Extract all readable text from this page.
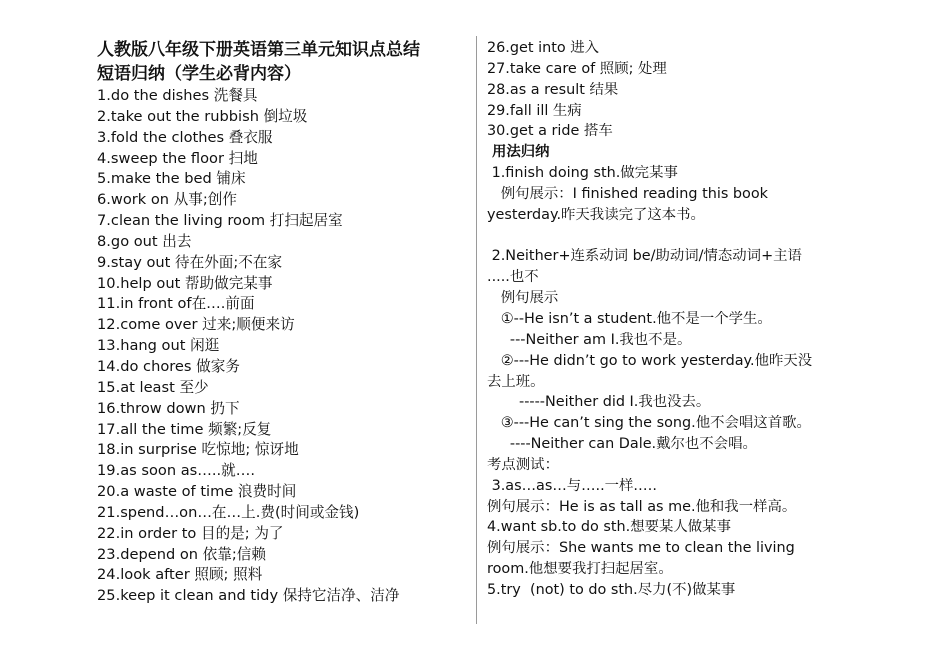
人教版八年级下册英语第三单元知识点总结
短语归纳（学生必背内容）
1.do the dishes 洗餐具
2.take out the rubbish 倒垃圾
3.fold the clothes 叠衣服
4.sweep the floor 扫地
5.make the bed 铺床
6.work on 从事;创作
7.clean the living room 打扫起居室
8.go out 出去
9.stay out 待在外面;不在家
10.help out 帮助做完某事
11.in front of在….前面
12.come over 过来;顺便来访
13.hang out 闲逛
14.do chores 做家务
15.at least 至少
16.throw down 扔下
17.all the time 频繁;反复
18.in surprise 吃惊地; 惊讶地
19.as soon as…..就….
20.a waste of time 浪费时间
21.spend…on…在…上.费(时间或金钱)
22.in order to 目的是; 为了
23.depend on 依靠;信赖
24.look after 照顾; 照料
25.keep it clean and tidy 保持它洁净、洁净
26.get into 进入
27.take care of 照顾; 处理
28.as a result 结果
29.fall ill 生病
30.get a ride 搭车
用法归纳
1.finish doing sth.做完某事
例句展示：I finished reading this book
yesterday.昨天我读完了这本书。
2.Neither+连系动词 be/助动词/情态动词+主语
.....也不
例句展示
①--He isn’t a student.他不是一个学生。
---Neither am I.我也不是。
②---He didn’t go to work yesterday.他昨天没
去上班。
-----Neither did I.我也没去。
③---He can’t sing the song.他不会唱这首歌。
----Neither can Dale.戴尔也不会唱。
考点测试：
3.as…as…与…..一样.….
例句展示：He is as tall as me.他和我一样高。
4.want sb.to do sth.想要某人做某事
例句展示：She wants me to clean the living
room.他想要我打扫起居室。
5.try  (not) to do sth.尽力(不)做某事
